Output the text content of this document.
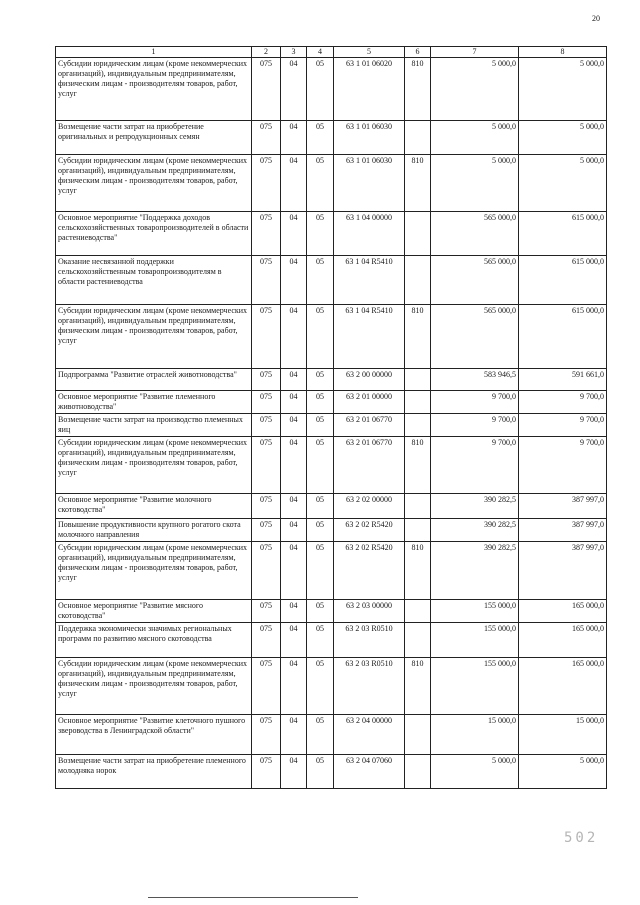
20
1	2	3	4	5	6	7	8
Субсидии юридическим лицам (кроме некоммерческих организаций), индивидуальным предпринимателям, физическим лицам - производителям товаров, работ, услуг	075	04	05	63 1 01 06020	810	5 000,0	5 000,0
Возмещение части затрат на приобретение оригинальных и репродукционных семян	075	04	05	63 1 01 06030		5 000,0	5 000,0
Субсидии юридическим лицам (кроме некоммерческих организаций), индивидуальным предпринимателям, физическим лицам - производителям товаров, работ, услуг	075	04	05	63 1 01 06030	810	5 000,0	5 000,0
Основное мероприятие "Поддержка доходов сельскохозяйственных товаропроизводителей в области растениеводства"	075	04	05	63 1 04 00000		565 000,0	615 000,0
Оказание несвязанной поддержки сельскохозяйственным товаропроизводителям в области растениеводства	075	04	05	63 1 04 R5410		565 000,0	615 000,0
Субсидии юридическим лицам (кроме некоммерческих организаций), индивидуальным предпринимателям, физическим лицам - производителям товаров, работ, услуг	075	04	05	63 1 04 R5410	810	565 000,0	615 000,0
Подпрограмма "Развитие отраслей животноводства"	075	04	05	63 2 00 00000		583 946,5	591 661,0
Основное мероприятие "Развитие племенного животноводства"	075	04	05	63 2 01 00000		9 700,0	9 700,0
Возмещение части затрат на производство племенных яиц	075	04	05	63 2 01 06770		9 700,0	9 700,0
Субсидии юридическим лицам (кроме некоммерческих организаций), индивидуальным предпринимателям, физическим лицам - производителям товаров, работ, услуг	075	04	05	63 2 01 06770	810	9 700,0	9 700,0
Основное мероприятие "Развитие молочного скотоводства"	075	04	05	63 2 02 00000		390 282,5	387 997,0
Повышение продуктивности крупного рогатого скота молочного направления	075	04	05	63 2 02 R5420		390 282,5	387 997,0
Субсидии юридическим лицам (кроме некоммерческих организаций), индивидуальным предпринимателям, физическим лицам - производителям товаров, работ, услуг	075	04	05	63 2 02 R5420	810	390 282,5	387 997,0
Основное мероприятие "Развитие мясного скотоводства"	075	04	05	63 2 03 00000		155 000,0	165 000,0
Поддержка экономически значимых региональных программ по развитию мясного скотоводства	075	04	05	63 2 03 R0510		155 000,0	165 000,0
Субсидии юридическим лицам (кроме некоммерческих организаций), индивидуальным предпринимателям, физическим лицам - производителям товаров, работ, услуг	075	04	05	63 2 03 R0510	810	155 000,0	165 000,0
Основное мероприятие "Развитие клеточного пушного звероводства в Ленинградской области"	075	04	05	63 2 04 00000		15 000,0	15 000,0
Возмещение части затрат на приобретение племенного молодняка норок	075	04	05	63 2 04 07060		5 000,0	5 000,0
502
